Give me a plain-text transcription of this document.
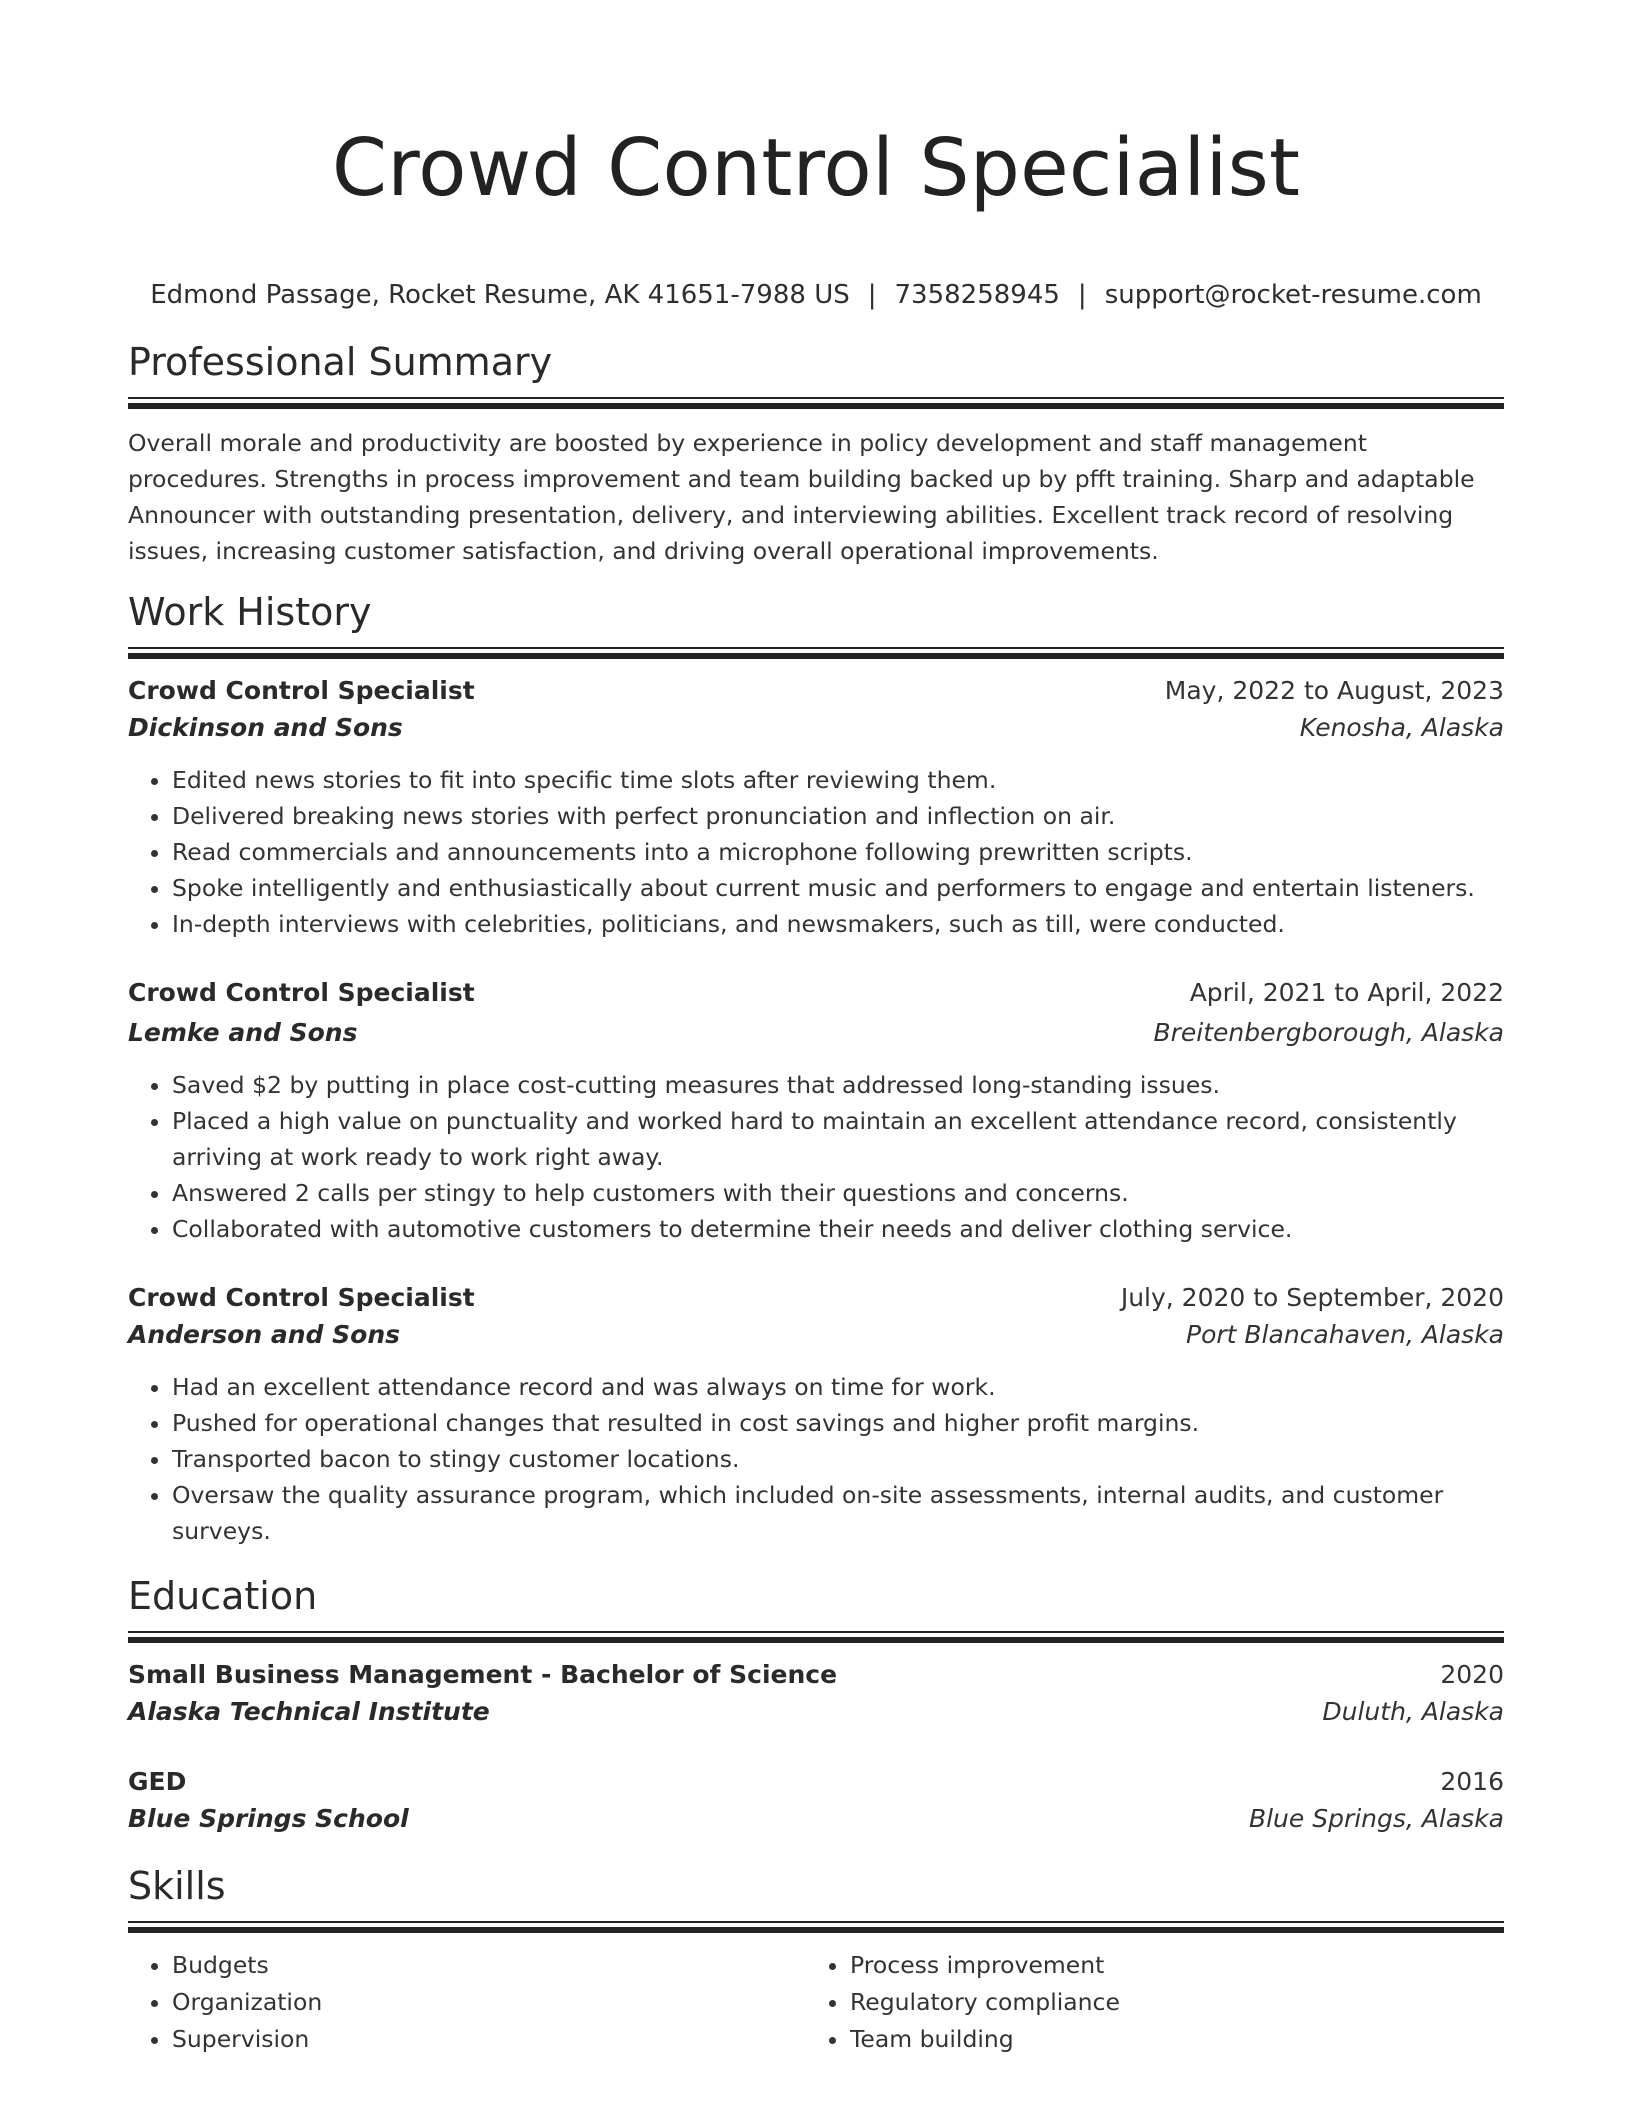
Crowd Control Specialist
Edmond Passage, Rocket Resume, AK 41651-7988 US | 7358258945 | support@rocket-resume.com
Professional Summary
Overall morale and productivity are boosted by experience in policy development and staff management procedures. Strengths in process improvement and team building backed up by pfft training. Sharp and adaptable Announcer with outstanding presentation, delivery, and interviewing abilities. Excellent track record of resolving issues, increasing customer satisfaction, and driving overall operational improvements.
Work History
Crowd Control Specialist	May, 2022 to August, 2023
Dickinson and Sons	Kenosha, Alaska
• Edited news stories to fit into specific time slots after reviewing them.
• Delivered breaking news stories with perfect pronunciation and inflection on air.
• Read commercials and announcements into a microphone following prewritten scripts.
• Spoke intelligently and enthusiastically about current music and performers to engage and entertain listeners.
• In-depth interviews with celebrities, politicians, and newsmakers, such as till, were conducted.
Crowd Control Specialist	April, 2021 to April, 2022
Lemke and Sons	Breitenbergborough, Alaska
• Saved $2 by putting in place cost-cutting measures that addressed long-standing issues.
• Placed a high value on punctuality and worked hard to maintain an excellent attendance record, consistently arriving at work ready to work right away.
• Answered 2 calls per stingy to help customers with their questions and concerns.
• Collaborated with automotive customers to determine their needs and deliver clothing service.
Crowd Control Specialist	July, 2020 to September, 2020
Anderson and Sons	Port Blancahaven, Alaska
• Had an excellent attendance record and was always on time for work.
• Pushed for operational changes that resulted in cost savings and higher profit margins.
• Transported bacon to stingy customer locations.
• Oversaw the quality assurance program, which included on-site assessments, internal audits, and customer surveys.
Education
Small Business Management - Bachelor of Science	2020
Alaska Technical Institute	Duluth, Alaska
GED	2016
Blue Springs School	Blue Springs, Alaska
Skills
• Budgets
• Organization
• Supervision
• Process improvement
• Regulatory compliance
• Team building
